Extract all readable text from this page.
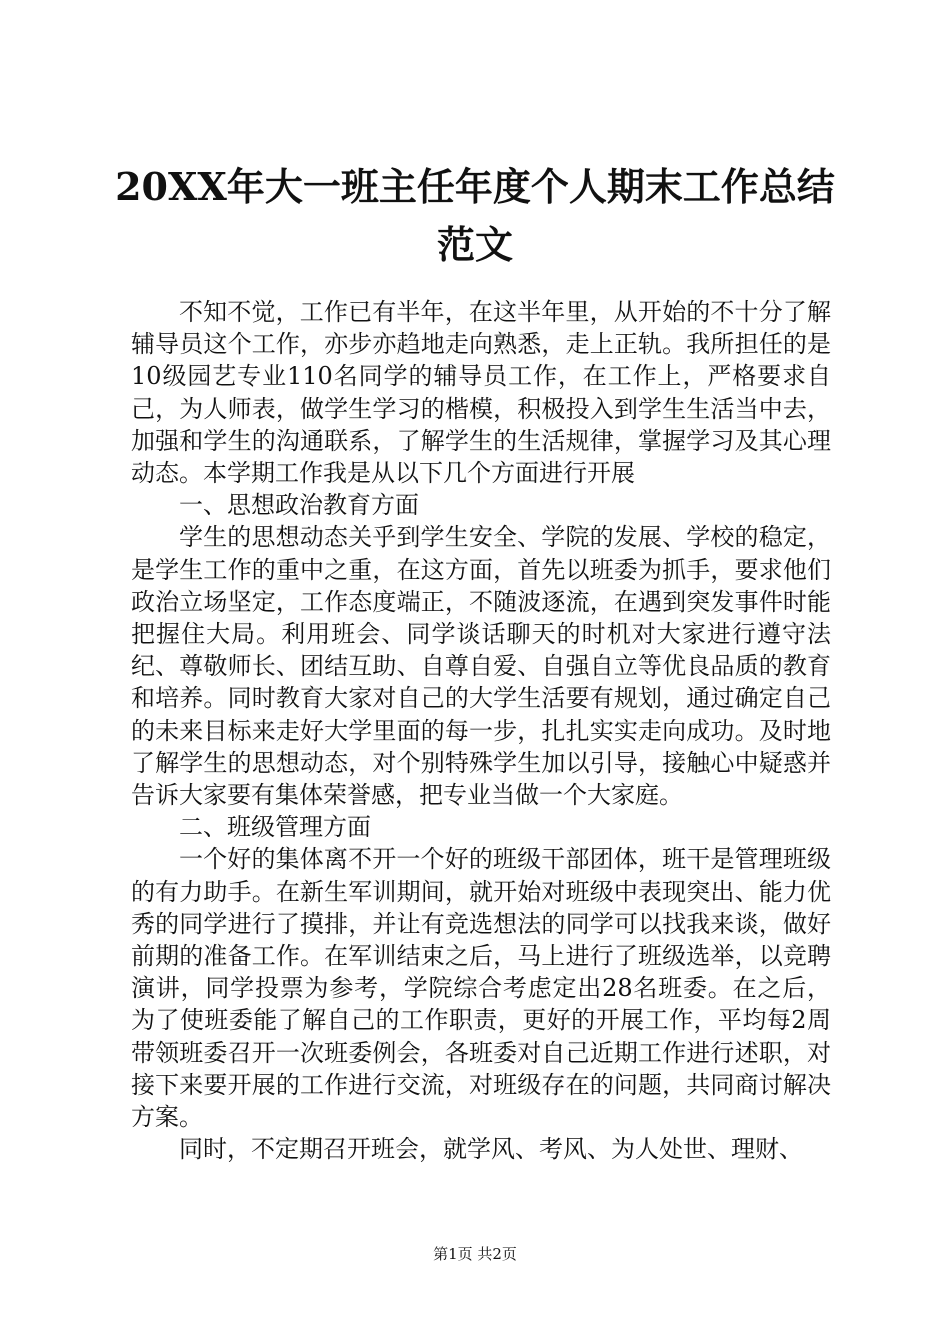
20XX年大一班主任年度个人期末工作总结范文

不知不觉，工作已有半年，在这半年里，从开始的不十分了解辅导员这个工作，亦步亦趋地走向熟悉，走上正轨。我所担任的是10级园艺专业110名同学的辅导员工作，在工作上，严格要求自己，为人师表，做学生学习的楷模，积极投入到学生生活当中去，加强和学生的沟通联系，了解学生的生活规律，掌握学习及其心理动态。本学期工作我是从以下几个方面进行开展

一、思想政治教育方面

学生的思想动态关乎到学生安全、学院的发展、学校的稳定，是学生工作的重中之重，在这方面，首先以班委为抓手，要求他们政治立场坚定，工作态度端正，不随波逐流，在遇到突发事件时能把握住大局。利用班会、同学谈话聊天的时机对大家进行遵守法纪、尊敬师长、团结互助、自尊自爱、自强自立等优良品质的教育和培养。同时教育大家对自己的大学生活要有规划，通过确定自己的未来目标来走好大学里面的每一步，扎扎实实走向成功。及时地了解学生的思想动态，对个别特殊学生加以引导，接触心中疑惑并告诉大家要有集体荣誉感，把专业当做一个大家庭。

二、班级管理方面

一个好的集体离不开一个好的班级干部团体，班干是管理班级的有力助手。在新生军训期间，就开始对班级中表现突出、能力优秀的同学进行了摸排，并让有竞选想法的同学可以找我来谈，做好前期的准备工作。在军训结束之后，马上进行了班级选举，以竞聘演讲，同学投票为参考，学院综合考虑定出28名班委。在之后，为了使班委能了解自己的工作职责，更好的开展工作，平均每2周带领班委召开一次班委例会，各班委对自己近期工作进行述职，对接下来要开展的工作进行交流，对班级存在的问题，共同商讨解决方案。

同时，不定期召开班会，就学风、考风、为人处世、理财、

第1页 共2页
